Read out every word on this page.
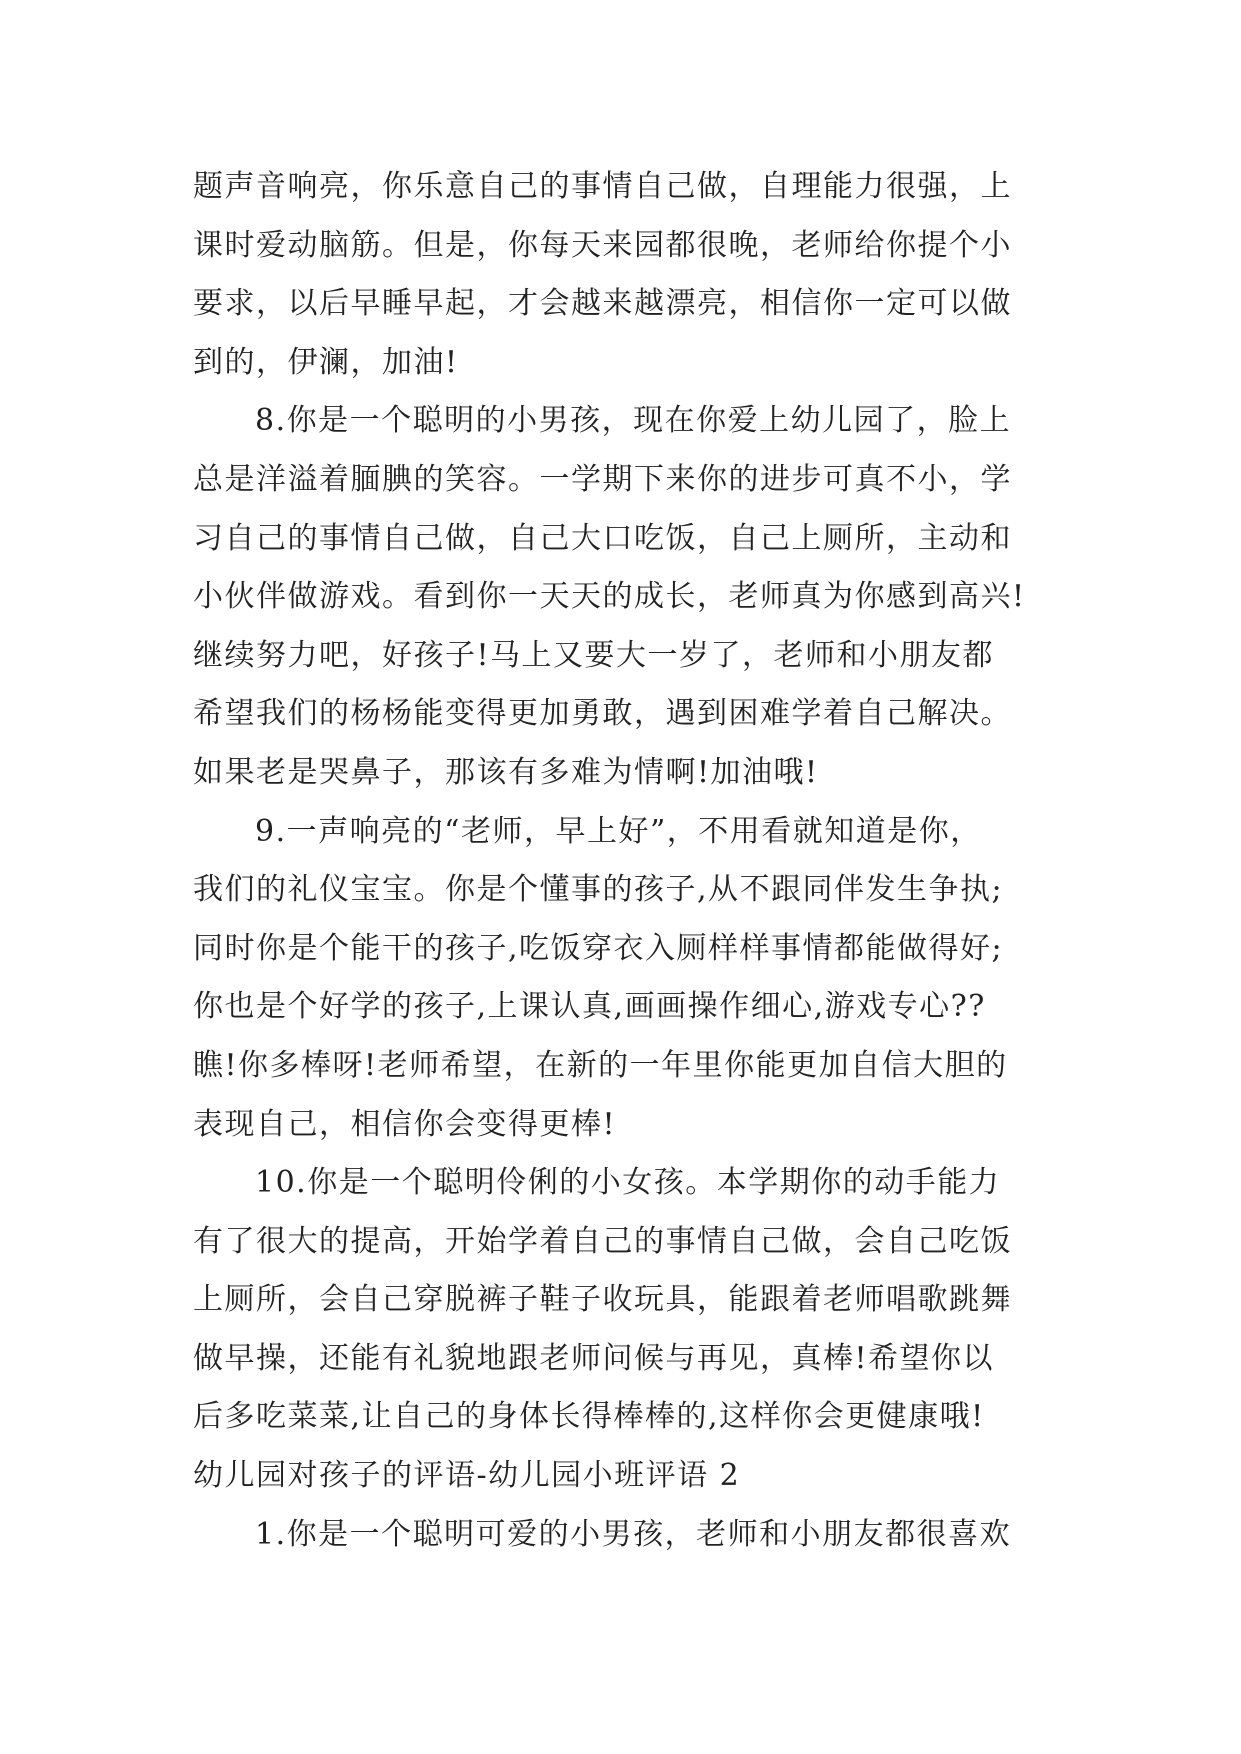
题声音响亮，你乐意自己的事情自己做，自理能力很强，上
课时爱动脑筋。但是，你每天来园都很晚，老师给你提个小
要求，以后早睡早起，才会越来越漂亮，相信你一定可以做
到的，伊澜，加油!
8.你是一个聪明的小男孩，现在你爱上幼儿园了，脸上
总是洋溢着腼腆的笑容。一学期下来你的进步可真不小，学
习自己的事情自己做，自己大口吃饭，自己上厕所，主动和
小伙伴做游戏。看到你一天天的成长，老师真为你感到高兴!
继续努力吧，好孩子!马上又要大一岁了，老师和小朋友都
希望我们的杨杨能变得更加勇敢，遇到困难学着自己解决。
如果老是哭鼻子，那该有多难为情啊!加油哦!
9.一声响亮的“老师，早上好”，不用看就知道是你，
我们的礼仪宝宝。你是个懂事的孩子,从不跟同伴发生争执;
同时你是个能干的孩子,吃饭穿衣入厕样样事情都能做得好;
你也是个好学的孩子,上课认真,画画操作细心,游戏专心??
瞧!你多棒呀!老师希望，在新的一年里你能更加自信大胆的
表现自己，相信你会变得更棒!
10.你是一个聪明伶俐的小女孩。本学期你的动手能力
有了很大的提高，开始学着自己的事情自己做，会自己吃饭
上厕所，会自己穿脱裤子鞋子收玩具，能跟着老师唱歌跳舞
做早操，还能有礼貌地跟老师问候与再见，真棒!希望你以
后多吃菜菜,让自己的身体长得棒棒的,这样你会更健康哦!
幼儿园对孩子的评语-幼儿园小班评语 2
1.你是一个聪明可爱的小男孩，老师和小朋友都很喜欢
